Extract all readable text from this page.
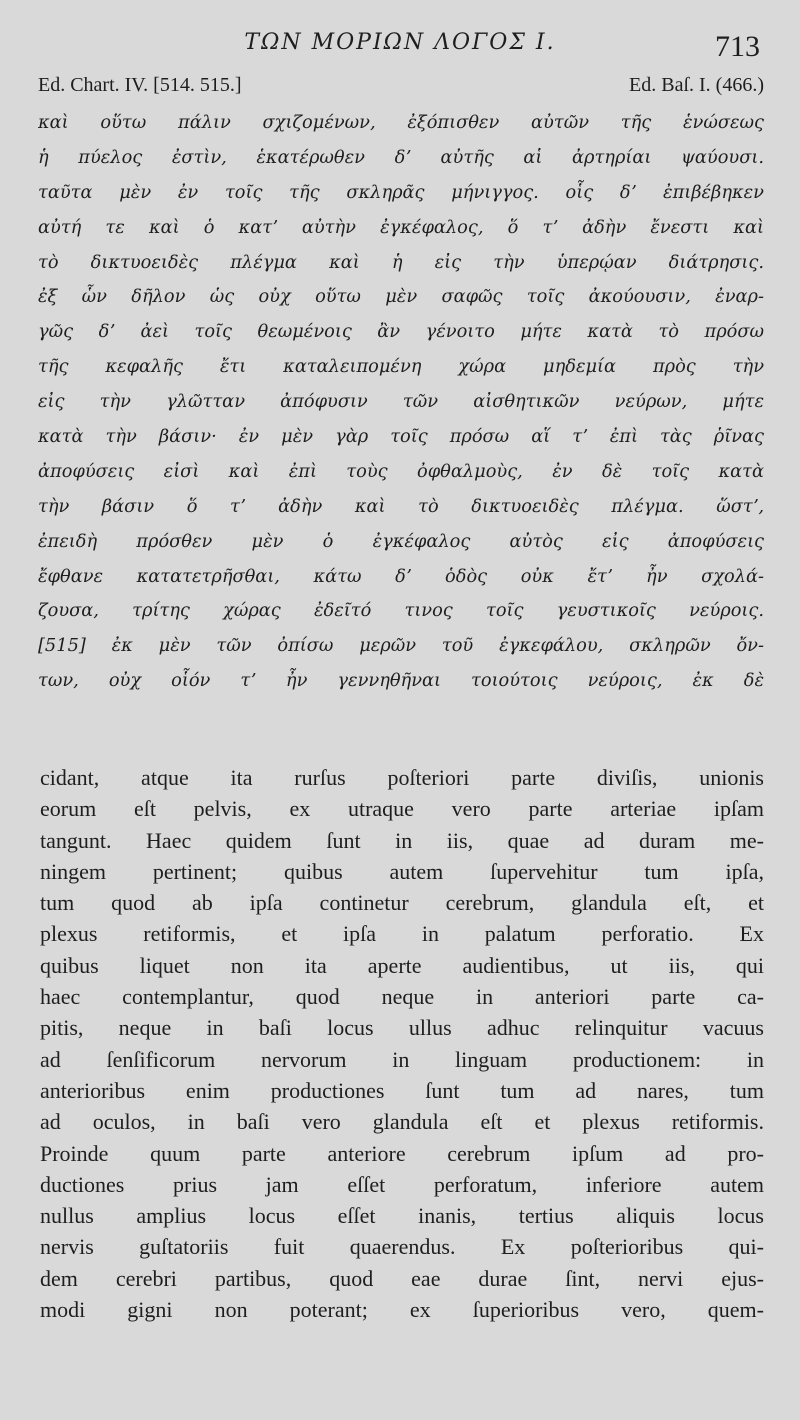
ΤΩΝ ΜΟΡΙΩΝ ΛΟΓΟΣ Ι.	713
Ed. Chart. IV. [514. 515.]	Ed. Baſ. I. (466.)
καὶ οὕτω πάλιν σχιζομένων, ἐξόπισθεν αὐτῶν τῆς ἑνώσεως
ἡ πύελος ἐστὶν, ἑκατέρωθεν δʼ αὐτῆς αἱ ἀρτηρίαι ψαύουσι.
ταῦτα μὲν ἐν τοῖς τῆς σκληρᾶς μήνιγγος. οἷς δʼ ἐπιβέβηκεν
αὐτή τε καὶ ὁ κατʼ αὐτὴν ἐγκέφαλος, ὅ τʼ ἀδὴν ἔνεστι καὶ
τὸ δικτυοειδὲς πλέγμα καὶ ἡ εἰς τὴν ὑπερῴαν διάτρησις.
ἐξ ὧν δῆλον ὡς οὐχ οὕτω μὲν σαφῶς τοῖς ἀκούουσιν, ἐναρ-
γῶς δʼ ἀεὶ τοῖς θεωμένοις ἂν γένοιτο μήτε κατὰ τὸ πρόσω
τῆς κεφαλῆς ἔτι καταλειπομένη χώρα μηδεμία πρὸς τὴν
εἰς τὴν γλῶτταν ἀπόφυσιν τῶν αἰσθητικῶν νεύρων, μήτε
κατὰ τὴν βάσιν· ἐν μὲν γὰρ τοῖς πρόσω αἵ τʼ ἐπὶ τὰς ῥῖνας
ἀποφύσεις εἰσὶ καὶ ἐπὶ τοὺς ὀφθαλμοὺς, ἐν δὲ τοῖς κατὰ
τὴν βάσιν ὅ τʼ ἀδὴν καὶ τὸ δικτυοειδὲς πλέγμα. ὥστʼ,
ἐπειδὴ πρόσθεν μὲν ὁ ἐγκέφαλος αὐτὸς εἰς ἀποφύσεις
ἔφθανε κατατετρῆσθαι, κάτω δʼ ὁδὸς οὐκ ἔτʼ ἦν σχολά-
ζουσα, τρίτης χώρας ἐδεῖτό τινος τοῖς γευστικοῖς νεύροις.
[515] ἐκ μὲν τῶν ὀπίσω μερῶν τοῦ ἐγκεφάλου, σκληρῶν ὄν-
των, οὐχ οἷόν τʼ ἦν γεννηθῆναι τοιούτοις νεύροις, ἐκ δὲ
cidant, atque ita rurſus poſteriori parte diviſis, unionis
eorum eſt pelvis, ex utraque vero parte arteriae ipſam
tangunt. Haec quidem ſunt in iis, quae ad duram me-
ningem pertinent; quibus autem ſupervehitur tum ipſa,
tum quod ab ipſa continetur cerebrum, glandula eſt, et
plexus retiformis, et ipſa in palatum perforatio. Ex
quibus liquet non ita aperte audientibus, ut iis, qui
haec contemplantur, quod neque in anteriori parte ca-
pitis, neque in baſi locus ullus adhuc relinquitur vacuus
ad ſenſificorum nervorum in linguam productionem: in
anterioribus enim productiones ſunt tum ad nares, tum
ad oculos, in baſi vero glandula eſt et plexus retiformis.
Proinde quum parte anteriore cerebrum ipſum ad pro-
ductiones prius jam eſſet perforatum, inferiore autem
nullus amplius locus eſſet inanis, tertius aliquis locus
nervis guſtatoriis fuit quaerendus. Ex poſterioribus qui-
dem cerebri partibus, quod eae durae ſint, nervi ejus-
modi gigni non poterant; ex ſuperioribus vero, quem-
